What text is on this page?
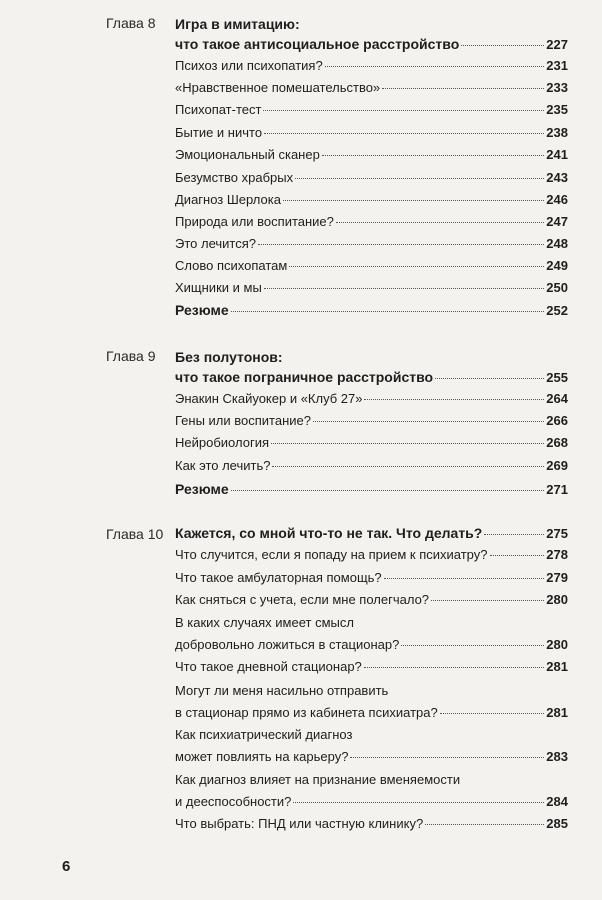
Глава 8 Игра в имитацию:
что такое антисоциальное расстройство	227
Психоз или психопатия?	231
«Нравственное помешательство»	233
Психопат-тест	235
Бытие и ничто	238
Эмоциональный сканер	241
Безумство храбрых	243
Диагноз Шерлока	246
Природа или воспитание?	247
Это лечится?	248
Слово психопатам	249
Хищники и мы	250
Резюме	252
Глава 9 Без полутонов:
что такое пограничное расстройство	255
Энакин Скайуокер и «Клуб 27»	264
Гены или воспитание?	266
Нейробиология	268
Как это лечить?	269
Резюме	271
Глава 10 Кажется, со мной что-то не так. Что делать?	275
Что случится, если я попаду на прием к психиатру?	278
Что такое амбулаторная помощь?	279
Как сняться с учета, если мне полегчало?	280
В каких случаях имеет смысл
добровольно ложиться в стационар?	280
Что такое дневной стационар?	281
Могут ли меня насильно отправить
в стационар прямо из кабинета психиатра?	281
Как психиатрический диагноз
может повлиять на карьеру?	283
Как диагноз влияет на признание вменяемости
и дееспособности?	284
Что выбрать: ПНД или частную клинику?	285
6
